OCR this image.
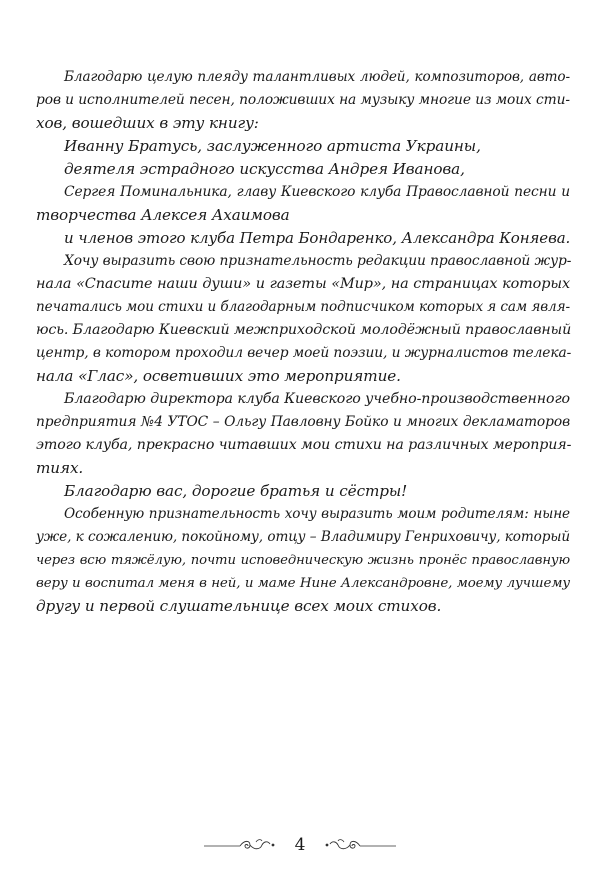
Благодарю целую плеяду талантливых людей, композиторов, авто-
ров и исполнителей песен, положивших на музыку многие из моих сти-
хов, вошедших в эту книгу:
Иванну Братусь, заслуженного артиста Украины,
деятеля эстрадного искусства Андрея Иванова,
Сергея Поминальника, главу Киевского клуба Православной песни и
творчества Алексея Ахаимова
и членов этого клуба Петра Бондаренко, Александра Коняева.
Хочу выразить свою признательность редакции православной жур-
нала «Спасите наши души» и газеты «Мир», на страницах которых
печатались мои стихи и благодарным подписчиком которых я сам явля-
юсь. Благодарю Киевский межприходской молодёжный православный
центр, в котором проходил вечер моей поэзии, и журналистов телека-
нала «Глас», осветивших это мероприятие.
Благодарю директора клуба Киевского учебно-производственного
предприятия №4 УТОС – Ольгу Павловну Бойко и многих декламаторов
этого клуба, прекрасно читавших мои стихи на различных мероприя-
тиях.
Благодарю вас, дорогие братья и сёстры!
Особенную признательность хочу выразить моим родителям: ныне
уже, к сожалению, покойному, отцу – Владимиру Генриховичу, который
через всю тяжёлую, почти исповедническую жизнь пронёс православную
веру и воспитал меня в ней, и маме Нине Александровне, моему лучшему
другу и первой слушательнице всех моих стихов.
4
